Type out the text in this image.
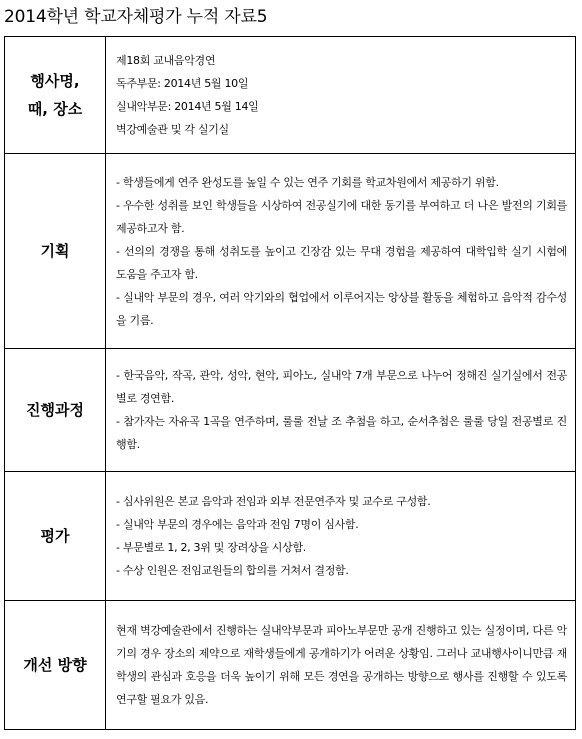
2014학년 학교자체평가 누적 자료5
행사명,
때, 장소	제18회 교내음악경연
독주부문: 2014년 5월 10일
실내악부문: 2014년 5월 14일
벽강예술관 및 각 실기실

기획	- 학생들에게 연주 완성도를 높일 수 있는 연주 기회를 학교차원에서 제공하기 위함.
- 우수한 성취를 보인 학생들을 시상하여 전공실기에 대한 동기를 부여하고 더 나은 발전의 기회를 제공하고자 함.
- 선의의 경쟁을 통해 성취도를 높이고 긴장감 있는 무대 경험을 제공하여 대학입학 실기 시험에 도움을 주고자 함.
- 실내악 부문의 경우, 여러 악기와의 협업에서 이루어지는 앙상블 활동을 체험하고 음악적 감수성을 기름.

진행과정	- 한국음악, 작곡, 관악, 성악, 현악, 피아노, 실내악 7개 부문으로 나누어 정해진 실기실에서 전공별로 경연함.
- 참가자는 자유곡 1곡을 연주하며, 룰룰 전날 조 추첨을 하고, 순서추첨은 룰룰 당일 전공별로 진행함.

평가	- 심사위원은 본교 음악과 전임과 외부 전문연주자 및 교수로 구성함.
- 실내악 부문의 경우에는 음악과 전임 7명이 심사함.
- 부문별로 1, 2, 3위 및 장려상을 시상함.
- 수상 인원은 전임교원들의 합의를 거쳐서 결정함.

개선 방향	현재 벽강예술관에서 진행하는 실내악부문과 피아노부문만 공개 진행하고 있는 실정이며, 다른 악기의 경우 장소의 제약으로 재학생들에게 공개하기가 어려운 상황임. 그러나 교내행사이니만큼 재학생의 관심과 호응을 더욱 높이기 위해 모든 경연을 공개하는 방향으로 행사를 진행할 수 있도록 연구할 필요가 있음.
